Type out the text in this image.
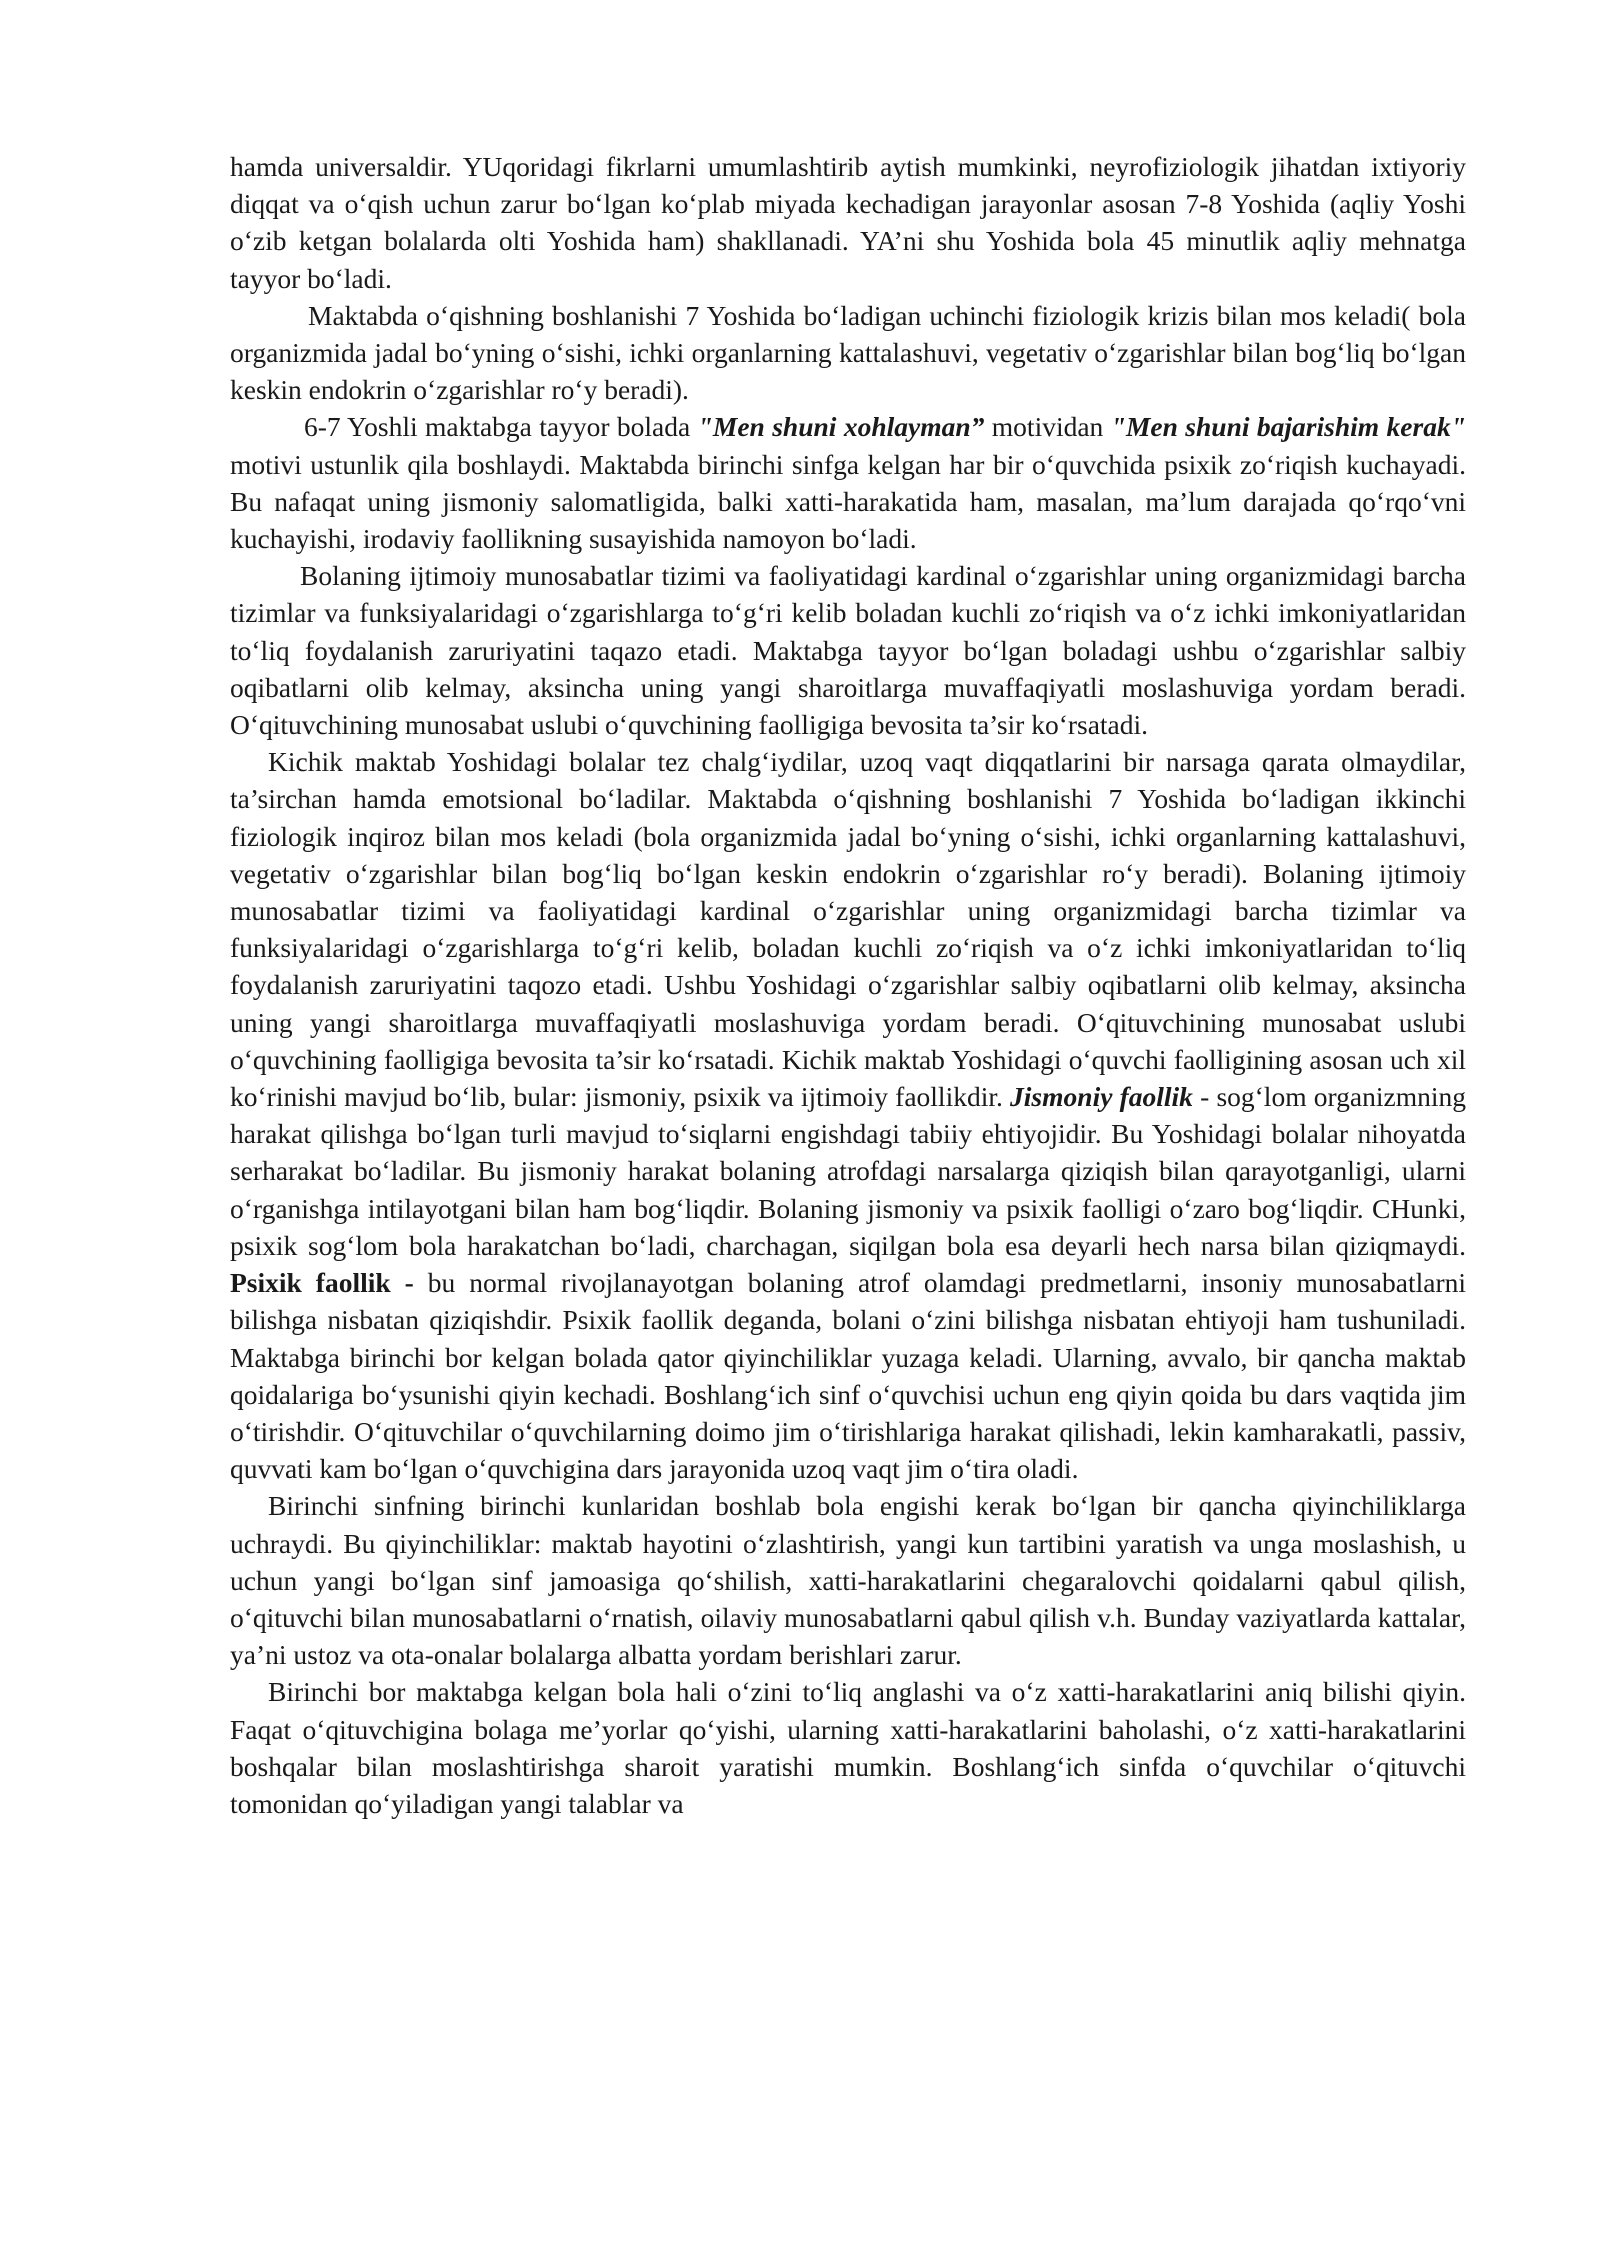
hamda universaldir. YUqoridagi fikrlarni umumlashtirib aytish mumkinki, neyrofiziologik jihatdan ixtiyoriy diqqat va o‘qish uchun zarur bo‘lgan ko‘plab miyada kechadigan jarayonlar asosan 7-8 Yoshida (aqliy Yoshi o‘zib ketgan bolalarda olti Yoshida ham) shakllanadi. YA’ni shu Yoshida bola 45 minutlik aqliy mehnatga tayyor bo‘ladi.

Maktabda o‘qishning boshlanishi 7 Yoshida bo‘ladigan uchinchi fiziologik krizis bilan mos keladi( bola organizmida jadal bo‘yning o‘sishi, ichki organlarning kattalashuvi, vegetativ o‘zgarishlar bilan bog‘liq bo‘lgan keskin endokrin o‘zgarishlar ro‘y beradi).

6-7 Yoshli maktabga tayyor bolada "Men shuni xohlayman” motividan "Men shuni bajarishim kerak" motivi ustunlik qila boshlaydi. Maktabda birinchi sinfga kelgan har bir o‘quvchida psixik zo‘riqish kuchayadi. Bu nafaqat uning jismoniy salomatligida, balki xatti-harakatida ham, masalan, ma’lum darajada qo‘rqo‘vni kuchayishi, irodaviy faollikning susayishida namoyon bo‘ladi.

Bolaning ijtimoiy munosabatlar tizimi va faoliyatidagi kardinal o‘zgarishlar uning organizmidagi barcha tizimlar va funksiyalaridagi o‘zgarishlarga to‘g‘ri kelib boladan kuchli zo‘riqish va o‘z ichki imkoniyatlaridan to‘liq foydalanish zaruriyatini taqazo etadi. Maktabga tayyor bo‘lgan boladagi ushbu o‘zgarishlar salbiy oqibatlarni olib kelmay, aksincha uning yangi sharoitlarga muvaffaqiyatli moslashuviga yordam beradi. O‘qituvchining munosabat uslubi o‘quvchining faolligiga bevosita ta’sir ko‘rsatadi.

Kichik maktab Yoshidagi bolalar tez chalg‘iydilar, uzoq vaqt diqqatlarini bir narsaga qarata olmaydilar, ta’sirchan hamda emotsional bo‘ladilar. Maktabda o‘qishning boshlanishi 7 Yoshida bo‘ladigan ikkinchi fiziologik inqiroz bilan mos keladi (bola organizmida jadal bo‘yning o‘sishi, ichki organlarning kattalashuvi, vegetativ o‘zgarishlar bilan bog‘liq bo‘lgan keskin endokrin o‘zgarishlar ro‘y beradi). Bolaning ijtimoiy munosabatlar tizimi va faoliyatidagi kardinal o‘zgarishlar uning organizmidagi barcha tizimlar va funksiyalaridagi o‘zgarishlarga to‘g‘ri kelib, boladan kuchli zo‘riqish va o‘z ichki imkoniyatlaridan to‘liq foydalanish zaruriyatini taqozo etadi. Ushbu Yoshidagi o‘zgarishlar salbiy oqibatlarni olib kelmay, aksincha uning yangi sharoitlarga muvaffaqiyatli moslashuviga yordam beradi. O‘qituvchining munosabat uslubi o‘quvchining faolligiga bevosita ta’sir ko‘rsatadi. Kichik maktab Yoshidagi o‘quvchi faolligining asosan uch xil ko‘rinishi mavjud bo‘lib, bular: jismoniy, psixik va ijtimoiy faollikdir. Jismoniy faollik - sog‘lom organizmning harakat qilishga bo‘lgan turli mavjud to‘siqlarni engishdagi tabiiy ehtiyojidir. Bu Yoshidagi bolalar nihoyatda serharakat bo‘ladilar. Bu jismoniy harakat bolaning atrofdagi narsalarga qiziqish bilan qarayotganligi, ularni o‘rganishga intilayotgani bilan ham bog‘liqdir. Bolaning jismoniy va psixik faolligi o‘zaro bog‘liqdir. CHunki, psixik sog‘lom bola harakatchan bo‘ladi, charchagan, siqilgan bola esa deyarli hech narsa bilan qiziqmaydi. Psixik faollik - bu normal rivojlanayotgan bolaning atrof olamdagi predmetlarni, insoniy munosabatlarni bilishga nisbatan qiziqishdir. Psixik faollik deganda, bolani o‘zini bilishga nisbatan ehtiyoji ham tushuniladi. Maktabga birinchi bor kelgan bolada qator qiyinchiliklar yuzaga keladi. Ularning, avvalo, bir qancha maktab qoidalariga bo‘ysunishi qiyin kechadi. Boshlang‘ich sinf o‘quvchisi uchun eng qiyin qoida bu dars vaqtida jim o‘tirishdir. O‘qituvchilar o‘quvchilarning doimo jim o‘tirishlariga harakat qilishadi, lekin kamharakatli, passiv, quvvati kam bo‘lgan o‘quvchigina dars jarayonida uzoq vaqt jim o‘tira oladi.

Birinchi sinfning birinchi kunlaridan boshlab bola engishi kerak bo‘lgan bir qancha qiyinchiliklarga uchraydi. Bu qiyinchiliklar: maktab hayotini o‘zlashtirish, yangi kun tartibini yaratish va unga moslashish, u uchun yangi bo‘lgan sinf jamoasiga qo‘shilish, xatti-harakatlarini chegaralovchi qoidalarni qabul qilish, o‘qituvchi bilan munosabatlarni o‘rnatish, oilaviy munosabatlarni qabul qilish v.h. Bunday vaziyatlarda kattalar, ya’ni ustoz va ota-onalar bolalarga albatta yordam berishlari zarur.

Birinchi bor maktabga kelgan bola hali o‘zini to‘liq anglashi va o‘z xatti-harakatlarini aniq bilishi qiyin. Faqat o‘qituvchigina bolaga me’yorlar qo‘yishi, ularning xatti-harakatlarini baholashi, o‘z xatti-harakatlarini boshqalar bilan moslashtirishga sharoit yaratishi mumkin. Boshlang‘ich sinfda o‘quvchilar o‘qituvchi tomonidan qo‘yiladigan yangi talablar va
